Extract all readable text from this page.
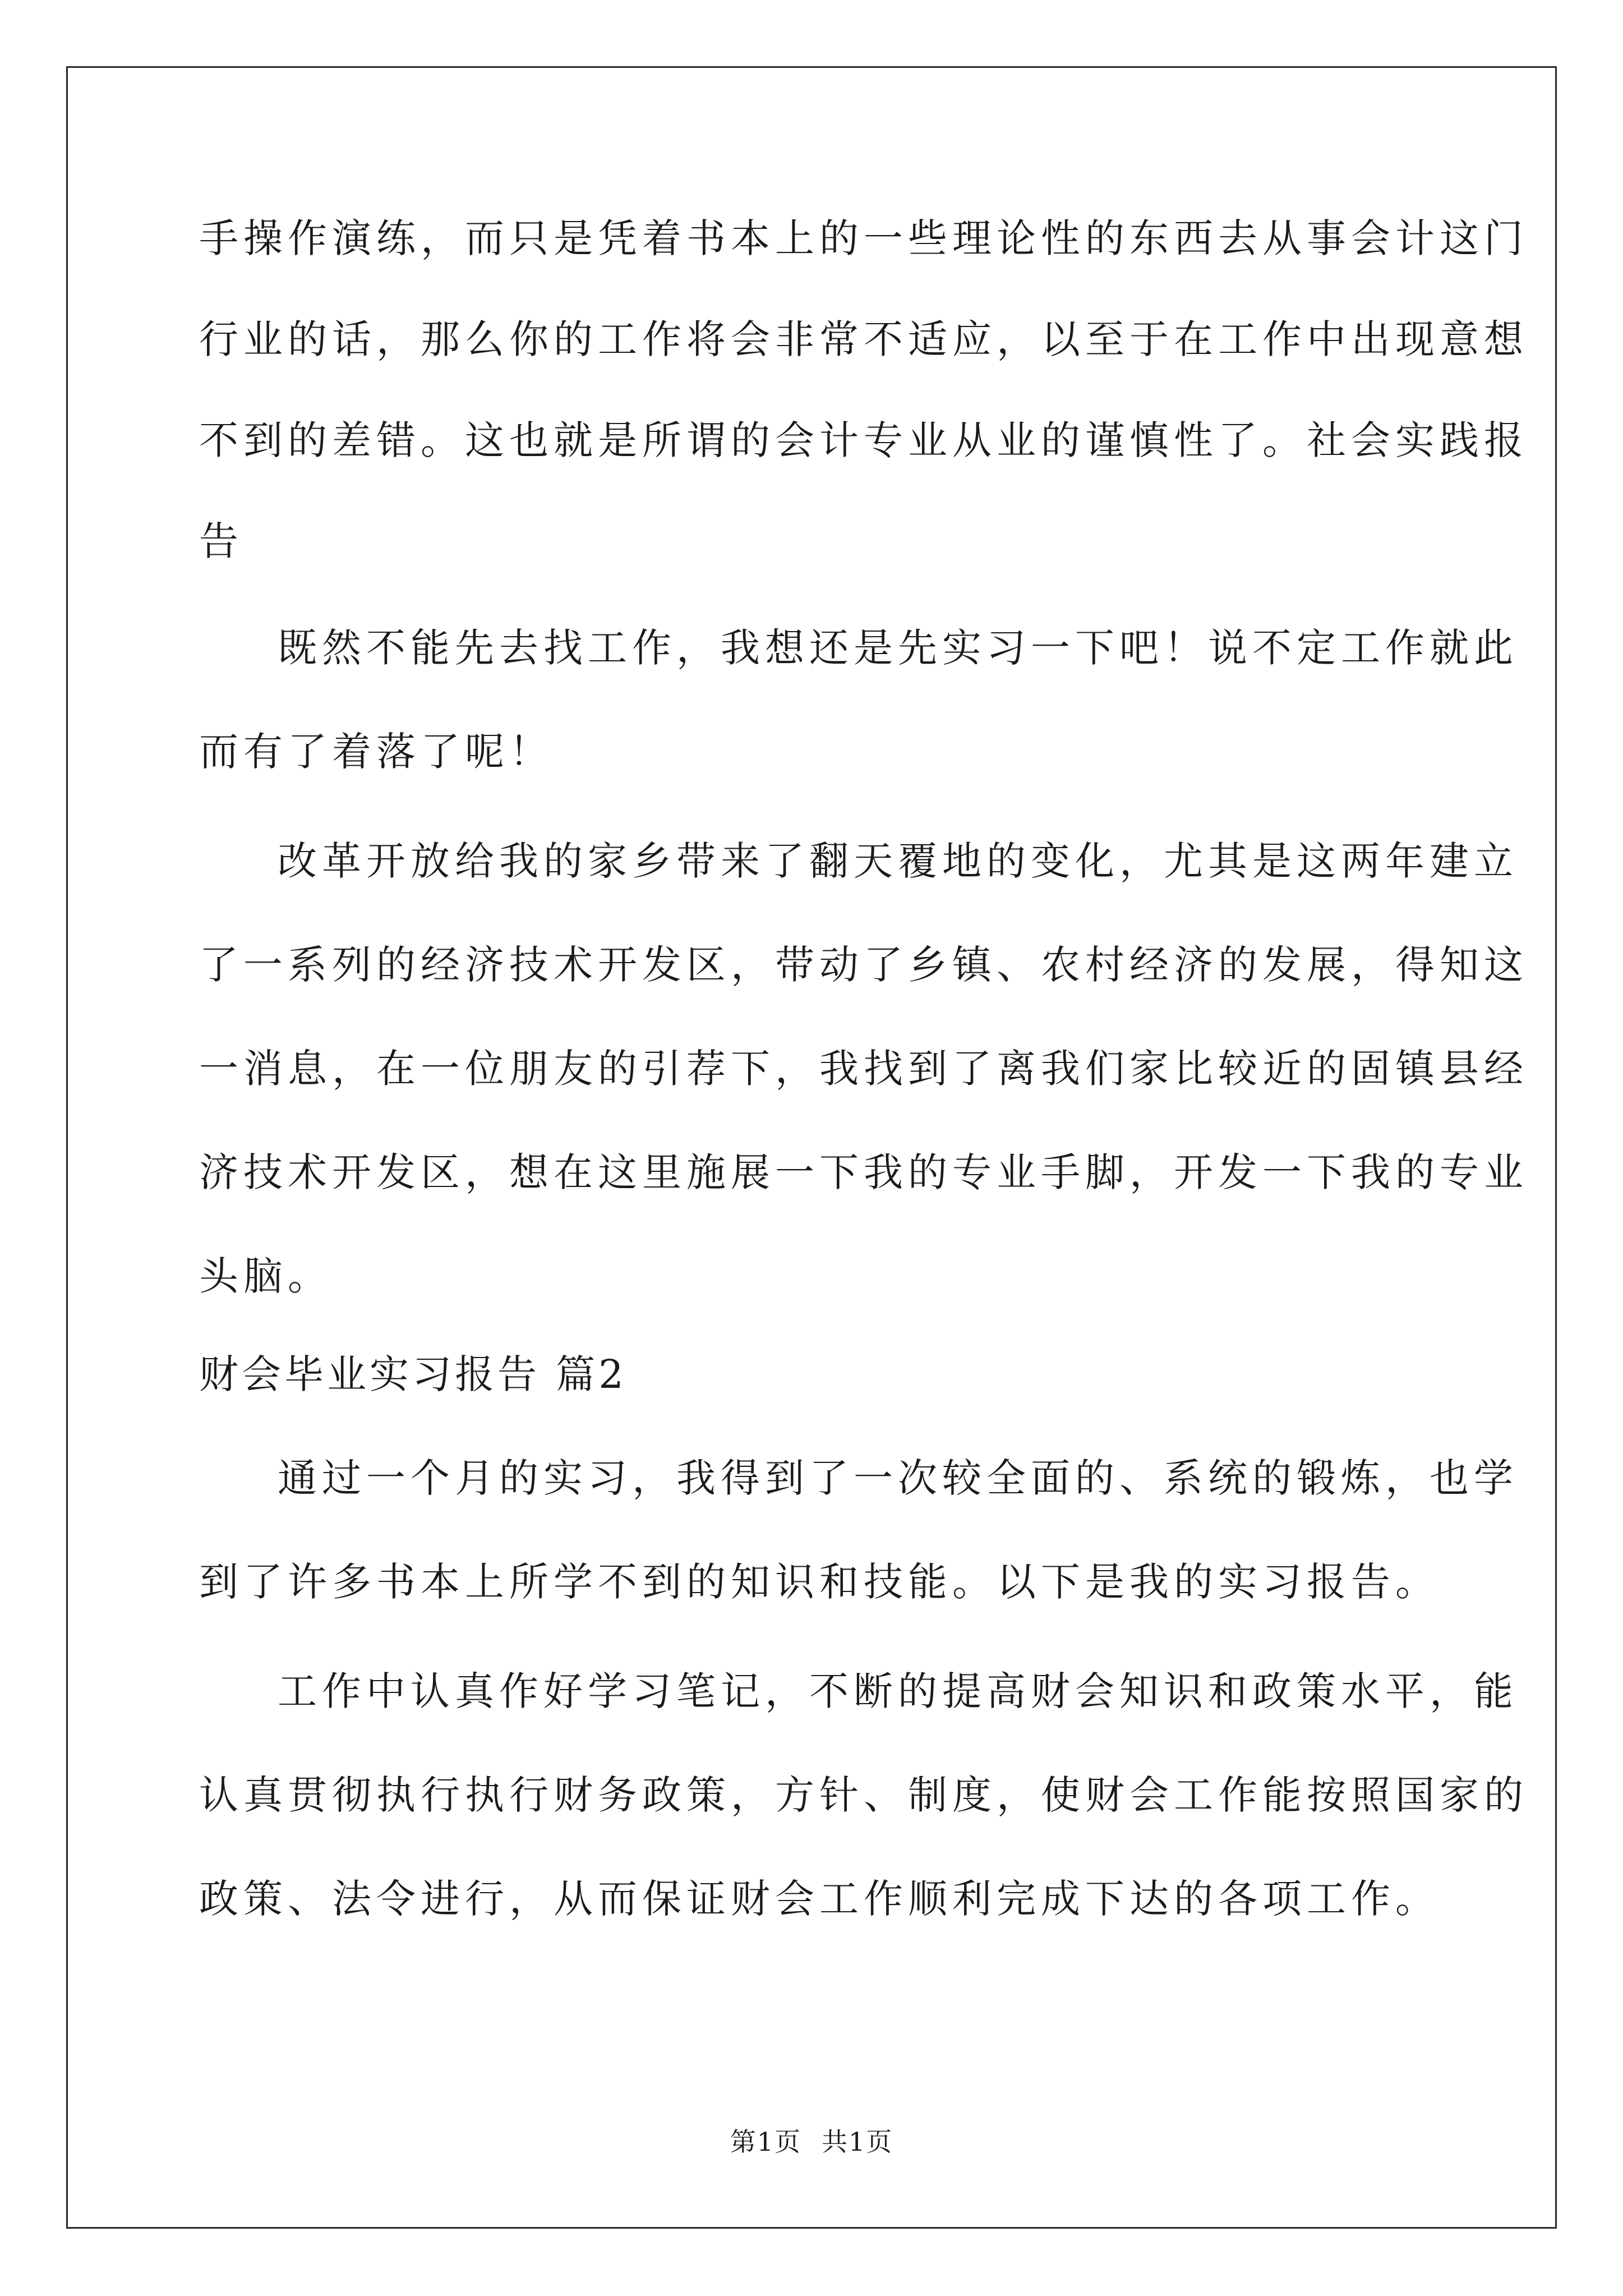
手操作演练，而只是凭着书本上的一些理论性的东西去从事会计这门
行业的话，那么你的工作将会非常不适应，以至于在工作中出现意想
不到的差错。这也就是所谓的会计专业从业的谨慎性了。社会实践报
告
既然不能先去找工作，我想还是先实习一下吧！说不定工作就此
而有了着落了呢！
改革开放给我的家乡带来了翻天覆地的变化，尤其是这两年建立
了一系列的经济技术开发区，带动了乡镇、农村经济的发展，得知这
一消息，在一位朋友的引荐下，我找到了离我们家比较近的固镇县经
济技术开发区，想在这里施展一下我的专业手脚，开发一下我的专业
头脑。
财会毕业实习报告 篇2
通过一个月的实习，我得到了一次较全面的、系统的锻炼，也学
到了许多书本上所学不到的知识和技能。以下是我的实习报告。
工作中认真作好学习笔记，不断的提高财会知识和政策水平，能
认真贯彻执行执行财务政策，方针、制度，使财会工作能按照国家的
政策、法令进行，从而保证财会工作顺利完成下达的各项工作。
第1页 共1页
